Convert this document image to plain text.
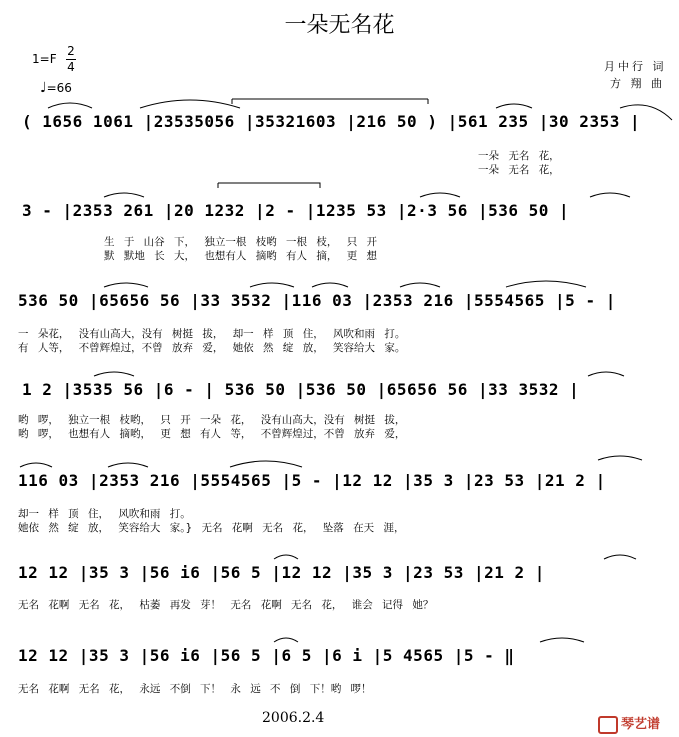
一朵无名花
1=F
2
4
♩=66
月中行 词
方 翔 曲
( 1656 1061 |23535056 |35321603 |216 50 ) |561 235 |30 2353 |
一朵 无名 花，
一朵 无名 花，
3 - |2353 261 |20 1232 |2 - |1235 53 |2·3 56 |536 50 |
生 于 山谷 下， 独立一根 枝哟 一根 枝， 只 开
默 默地 长 大， 也想有人 摘哟 有人 摘， 更 想
536 50 |65656 56 |33 3532 |116 03 |2353 216 |5554565 |5 - |
一 朵花， 没有山高大，没有 树挺 拔， 却一 样 顶 住， 风吹和雨 打。
有 人等， 不曾辉煌过，不曾 放弃 爱， 她依 然 绽 放， 笑容给大 家。
1 2 |3535 56 |6 - | 536 50 |536 50 |65656 56 |33 3532 |
哟 啰， 独立一根 枝哟， 只 开 一朵 花， 没有山高大，没有 树挺 拔，
哟 啰， 也想有人 摘哟， 更 想 有人 等， 不曾辉煌过，不曾 放弃 爱，
116 03 |2353 216 |5554565 |5 - |12 12 |35 3 |23 53 |21 2 |
却一 样 顶 住， 风吹和雨 打。
她依 然 绽 放， 笑容给大 家。} 无名 花啊 无名 花， 坠落 在天 涯，
12 12 |35 3 |56 i6 |56 5 |12 12 |35 3 |23 53 |21 2 |
无名 花啊 无名 花， 枯萎 再发 芽！ 无名 花啊 无名 花， 谁会 记得 她？
12 12 |35 3 |56 i6 |56 5 |6 5 |6 i |5 4565 |5 - ‖
无名 花啊 无名 花， 永远 不倒 下！ 永 远 不 倒 下！哟 啰！
2006.2.4	琴艺谱
